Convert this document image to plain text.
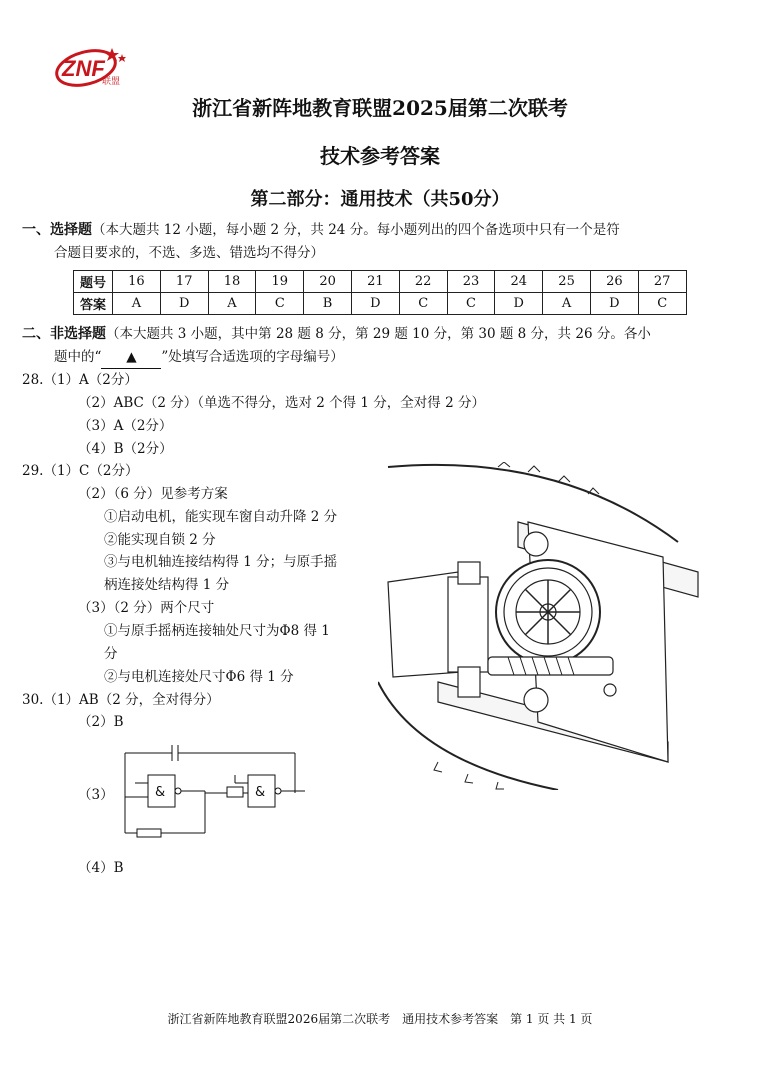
ZNF
联盟
浙江省新阵地教育联盟2025届第二次联考
技术参考答案
第二部分：通用技术（共50分）
一、选择题（本大题共 12 小题，每小题 2 分，共 24 分。每小题列出的四个备选项中只有一个是符
合题目要求的，不选、多选、错选均不得分）
题号	16	17	18	19	20	21	22	23	24	25	26	27
答案	A	D	A	C	B	D	C	C	D	A	D	C
二、非选择题（本大题共 3 小题，其中第 28 题 8 分，第 29 题 10 分，第 30 题 8 分，共 26 分。各小
题中的“ ▲ ”处填写合适选项的字母编号）
28.（1）A（2分）
（2）ABC（2 分）（单选不得分，选对 2 个得 1 分，全对得 2 分）
（3）A（2分）
（4）B（2分）
29.（1）C（2分）
（2）（6 分）见参考方案
①启动电机，能实现车窗自动升降 2 分
②能实现自锁 2 分
③与电机轴连接结构得 1 分；与原手摇
柄连接处结构得 1 分
（3）（2 分）两个尺寸
①与原手摇柄连接轴处尺寸为Φ8 得 1
分
②与电机连接处尺寸Φ6 得 1 分
30.（1）AB（2 分，全对得分）
（2）B
（3）
（4）B
&	&
浙江省新阵地教育联盟2026届第二次联考　通用技术参考答案　第 1 页 共 1 页
